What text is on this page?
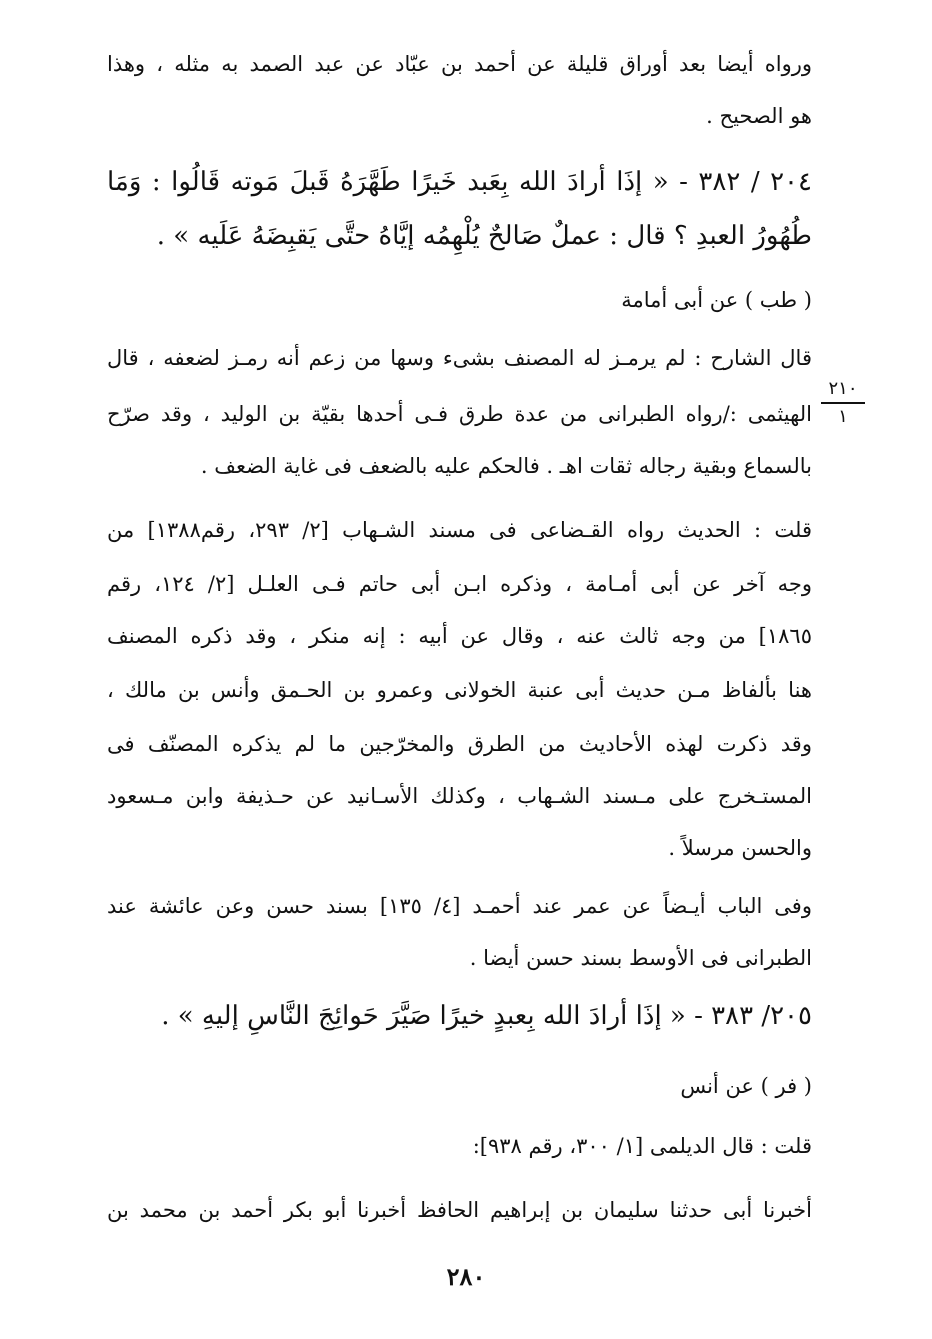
ورواه أيضا بعد أوراق قليلة عن أحمد بن عبّاد عن عبد الصمد به مثله ، وهذا
هو الصحيح .
٢٠٤ / ٣٨٢ - « إذَا أرادَ الله بِعَبد خَيرًا طَهَّرَهُ قَبلَ مَوته قَالُوا : وَمَا
طُهُورُ العبدِ ؟ قال : عملٌ صَالحٌ يُلْهِمُه إيَّاهُ حتَّى يَقبِضَهُ عَلَيه » .
( طب ) عن أبى أمامة
قال الشارح : لم يرمـز له المصنف بشىء وسها من زعم أنه رمـز لضعفه ، قال
الهيثمى :/رواه الطبرانى من عدة طرق فـى أحدها بقيّة بن الوليد ، وقد صرّح
بالسماع وبقية رجاله ثقات اهـ . فالحكم عليه بالضعف فى غاية الضعف .
قلت : الحديث رواه القـضاعى فى مسند الشـهاب [٢/ ٢٩٣، رقم١٣٨٨] من
وجه آخر عن أبى أمـامة ، وذكره ابـن أبى حاتم فـى العلـل [٢/ ١٢٤، رقم
١٨٦٥] من وجه ثالث عنه ، وقال عن أبيه : إنه منكر ، وقد ذكره المصنف
هنا بألفاظ مـن حديث أبى عنبة الخولانى وعمرو بن الحـمق وأنس بن مالك ،
وقد ذكرت لهذه الأحاديث من الطرق والمخرّجين ما لم يذكره المصنّف فى
المستـخرج على مـسند الشـهاب ، وكذلك الأسـانيد عن حـذيفة وابن مـسعود
والحسن مرسلاً .
وفى الباب أيـضاً عن عمر عند أحمـد [٤/ ١٣٥] بسند حسن وعن عائشة عند
الطبرانى فى الأوسط بسند حسن أيضا .
٢٠٥/ ٣٨٣ - « إذَا أرادَ الله بِعبدٍ خيرًا صَيَّرَ حَوائِجَ النَّاسِ إليهِ » .
( فر ) عن أنس
قلت : قال الديلمى [١/ ٣٠٠، رقم ٩٣٨]:
أخبرنا أبى حدثنا سليمان بن إبراهيم الحافظ أخبرنا أبو بكر أحمد بن محمد بن
٢١٠
١
٢٨٠
